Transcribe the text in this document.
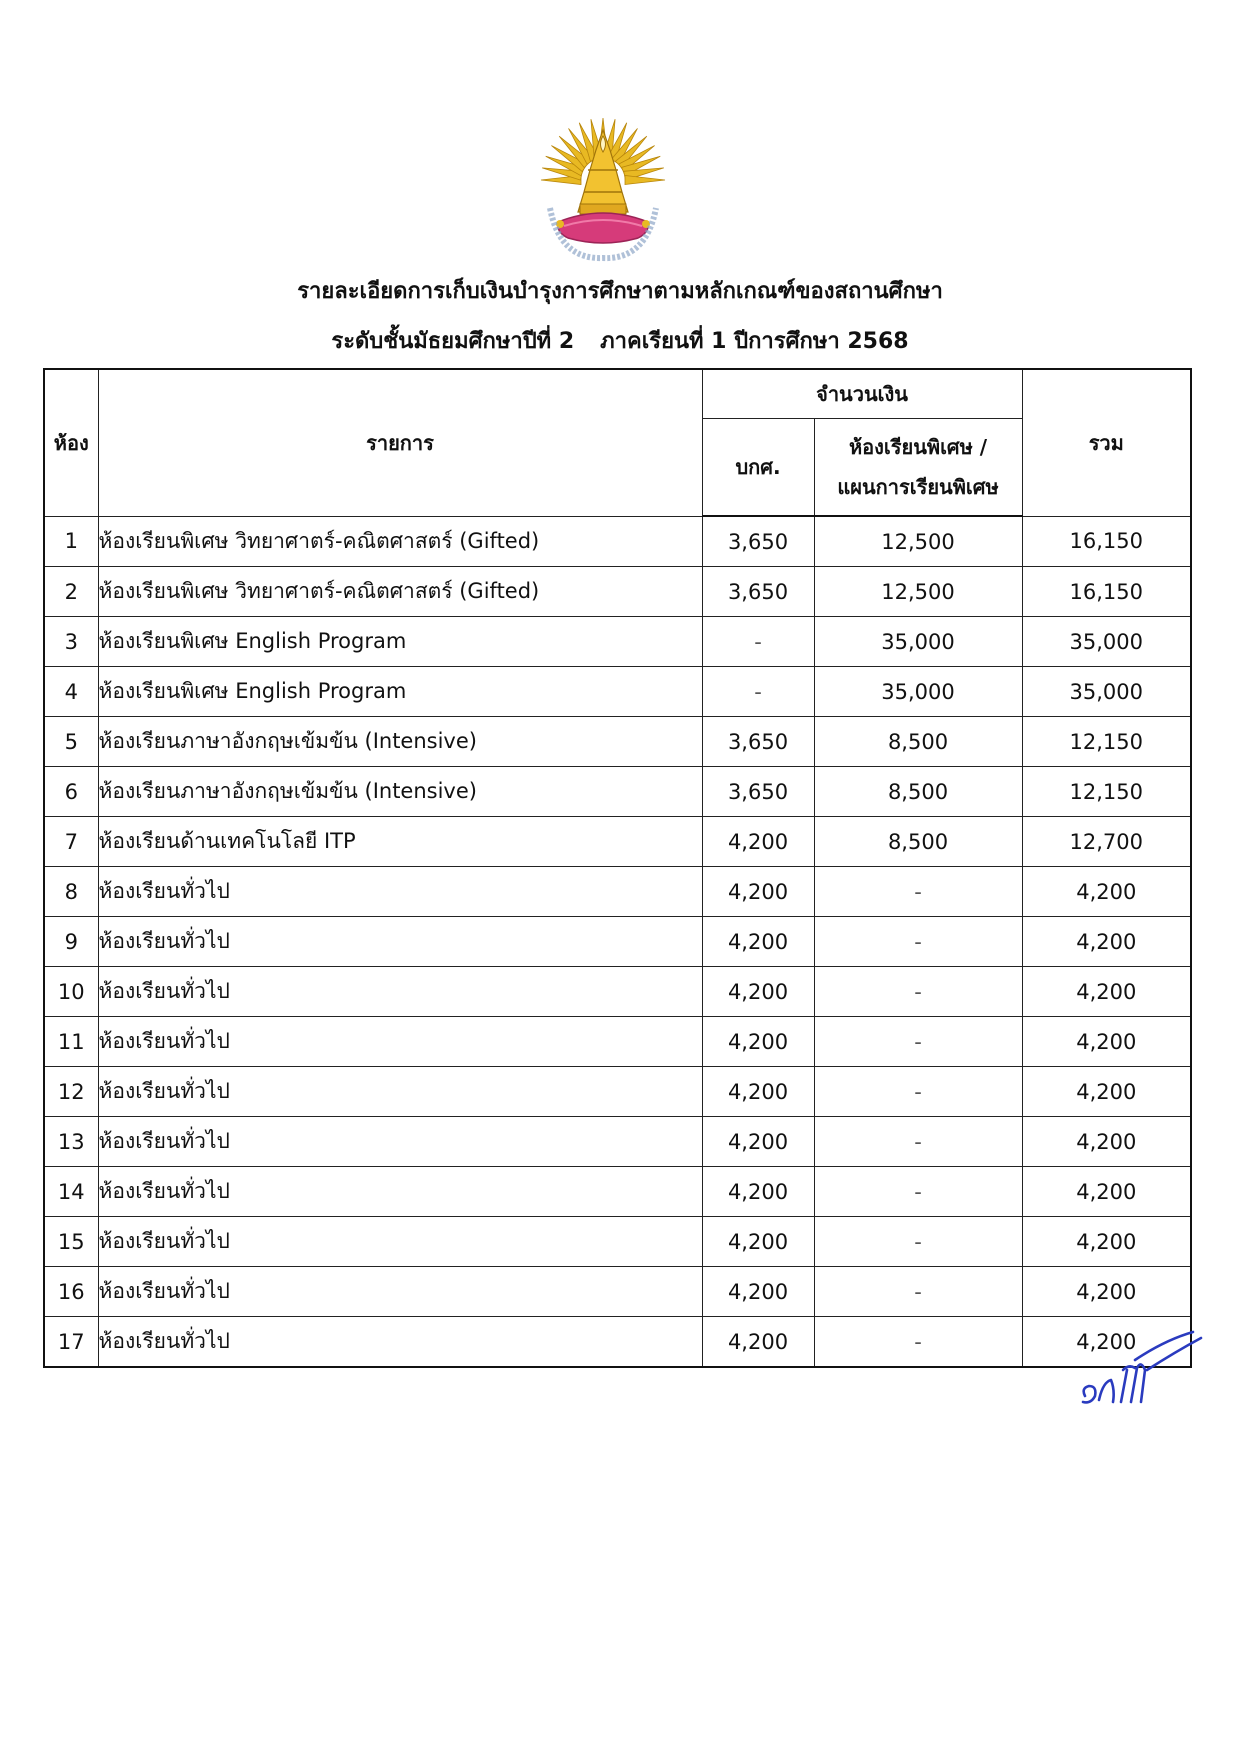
รายละเอียดการเก็บเงินบำรุงการศึกษาตามหลักเกณฑ์ของสถานศึกษา
ระดับชั้นมัธยมศึกษาปีที่ 2 ภาคเรียนที่ 1 ปีการศึกษา 2568
ห้อง	รายการ	จำนวนเงิน		รวม
		บกศ.	ห้องเรียนพิเศษ /
แผนการเรียนพิเศษ	
1	ห้องเรียนพิเศษ วิทยาศาตร์-คณิตศาสตร์ (Gifted)	3,650	12,500	16,150
2	ห้องเรียนพิเศษ วิทยาศาตร์-คณิตศาสตร์ (Gifted)	3,650	12,500	16,150
3	ห้องเรียนพิเศษ English Program	-	35,000	35,000
4	ห้องเรียนพิเศษ English Program	-	35,000	35,000
5	ห้องเรียนภาษาอังกฤษเข้มข้น (Intensive)	3,650	8,500	12,150
6	ห้องเรียนภาษาอังกฤษเข้มข้น (Intensive)	3,650	8,500	12,150
7	ห้องเรียนด้านเทคโนโลยี ITP	4,200	8,500	12,700
8	ห้องเรียนทั่วไป	4,200	-	4,200
9	ห้องเรียนทั่วไป	4,200	-	4,200
10	ห้องเรียนทั่วไป	4,200	-	4,200
11	ห้องเรียนทั่วไป	4,200	-	4,200
12	ห้องเรียนทั่วไป	4,200	-	4,200
13	ห้องเรียนทั่วไป	4,200	-	4,200
14	ห้องเรียนทั่วไป	4,200	-	4,200
15	ห้องเรียนทั่วไป	4,200	-	4,200
16	ห้องเรียนทั่วไป	4,200	-	4,200
17	ห้องเรียนทั่วไป	4,200	-	4,200
